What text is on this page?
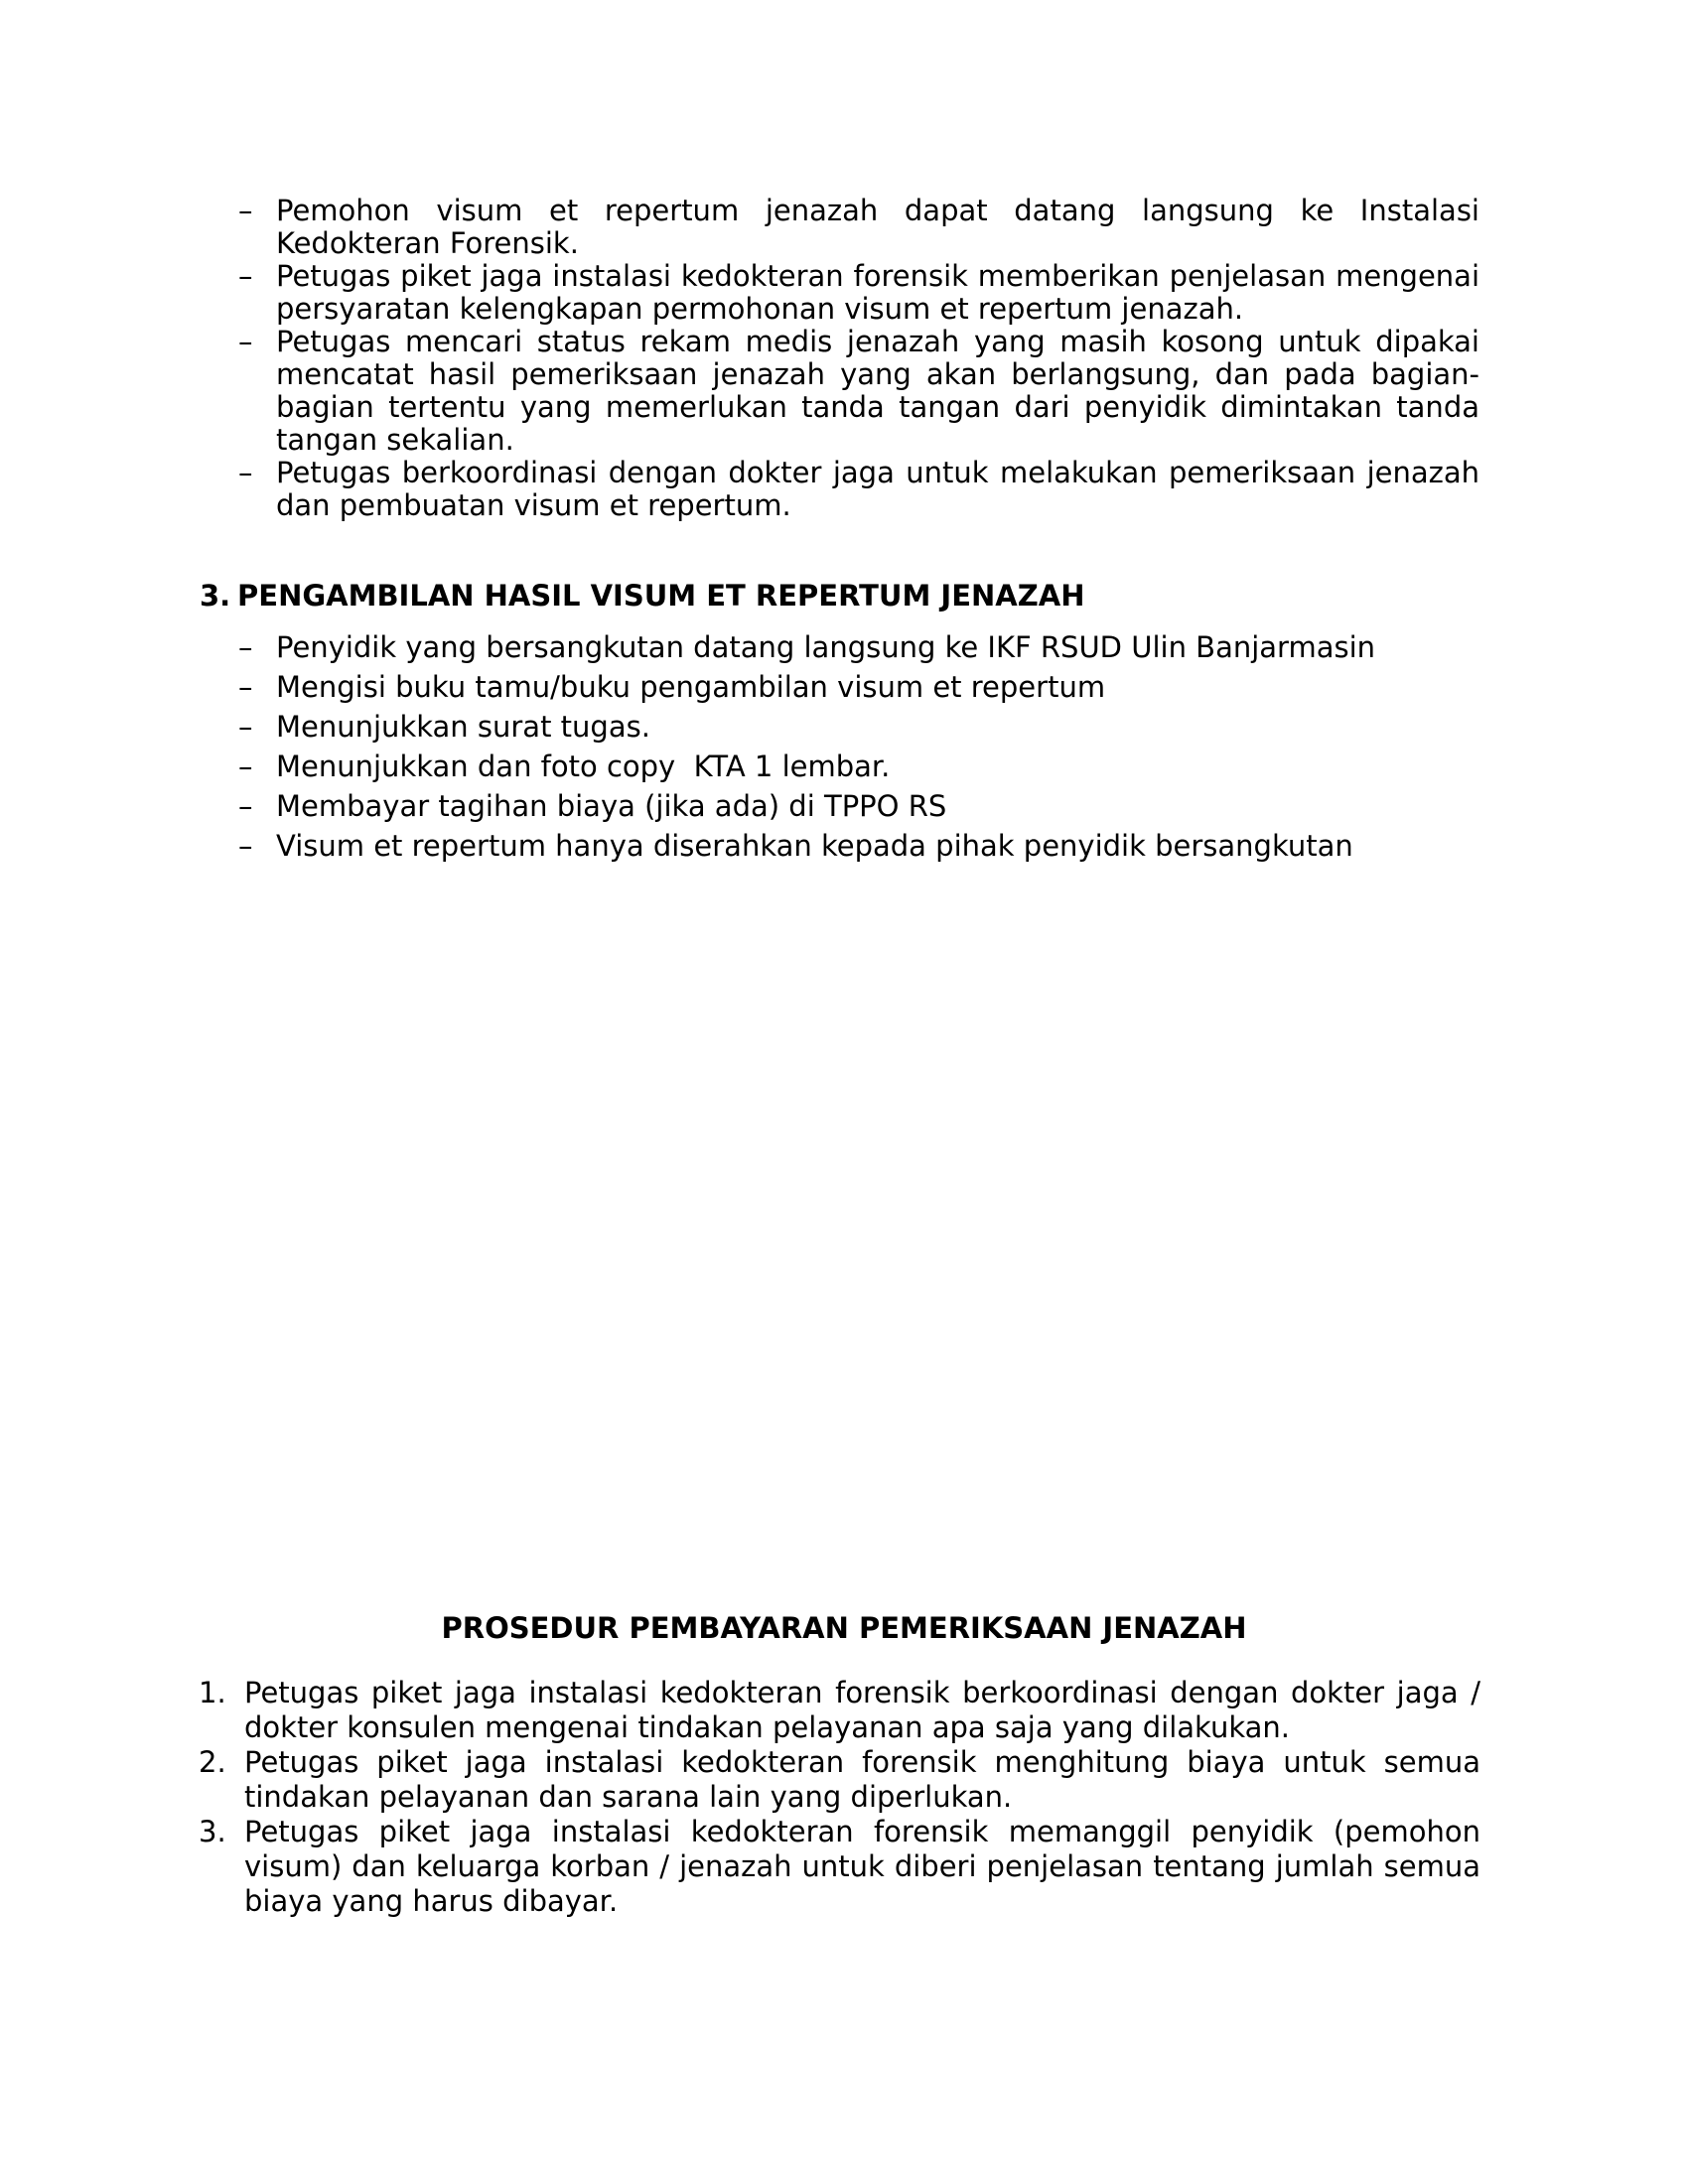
– Pemohon visum et repertum jenazah dapat datang langsung ke Instalasi Kedokteran Forensik.
– Petugas piket jaga instalasi kedokteran forensik memberikan penjelasan mengenai persyaratan kelengkapan permohonan visum et repertum jenazah.
– Petugas mencari status rekam medis jenazah yang masih kosong untuk dipakai mencatat hasil pemeriksaan jenazah yang akan berlangsung, dan pada bagian-bagian tertentu yang memerlukan tanda tangan dari penyidik dimintakan tanda tangan sekalian.
– Petugas berkoordinasi dengan dokter jaga untuk melakukan pemeriksaan jenazah dan pembuatan visum et repertum.
3. PENGAMBILAN HASIL VISUM ET REPERTUM JENAZAH
– Penyidik yang bersangkutan datang langsung ke IKF RSUD Ulin Banjarmasin
– Mengisi buku tamu/buku pengambilan visum et repertum
– Menunjukkan surat tugas.
– Menunjukkan dan foto copy  KTA 1 lembar.
– Membayar tagihan biaya (jika ada) di TPPO RS
– Visum et repertum hanya diserahkan kepada pihak penyidik bersangkutan
PROSEDUR PEMBAYARAN PEMERIKSAAN JENAZAH
1. Petugas piket jaga instalasi kedokteran forensik berkoordinasi dengan dokter jaga / dokter konsulen mengenai tindakan pelayanan apa saja yang dilakukan.
2. Petugas piket jaga instalasi kedokteran forensik menghitung biaya untuk semua tindakan pelayanan dan sarana lain yang diperlukan.
3. Petugas piket jaga instalasi kedokteran forensik memanggil penyidik (pemohon visum) dan keluarga korban / jenazah untuk diberi penjelasan tentang jumlah semua biaya yang harus dibayar.
